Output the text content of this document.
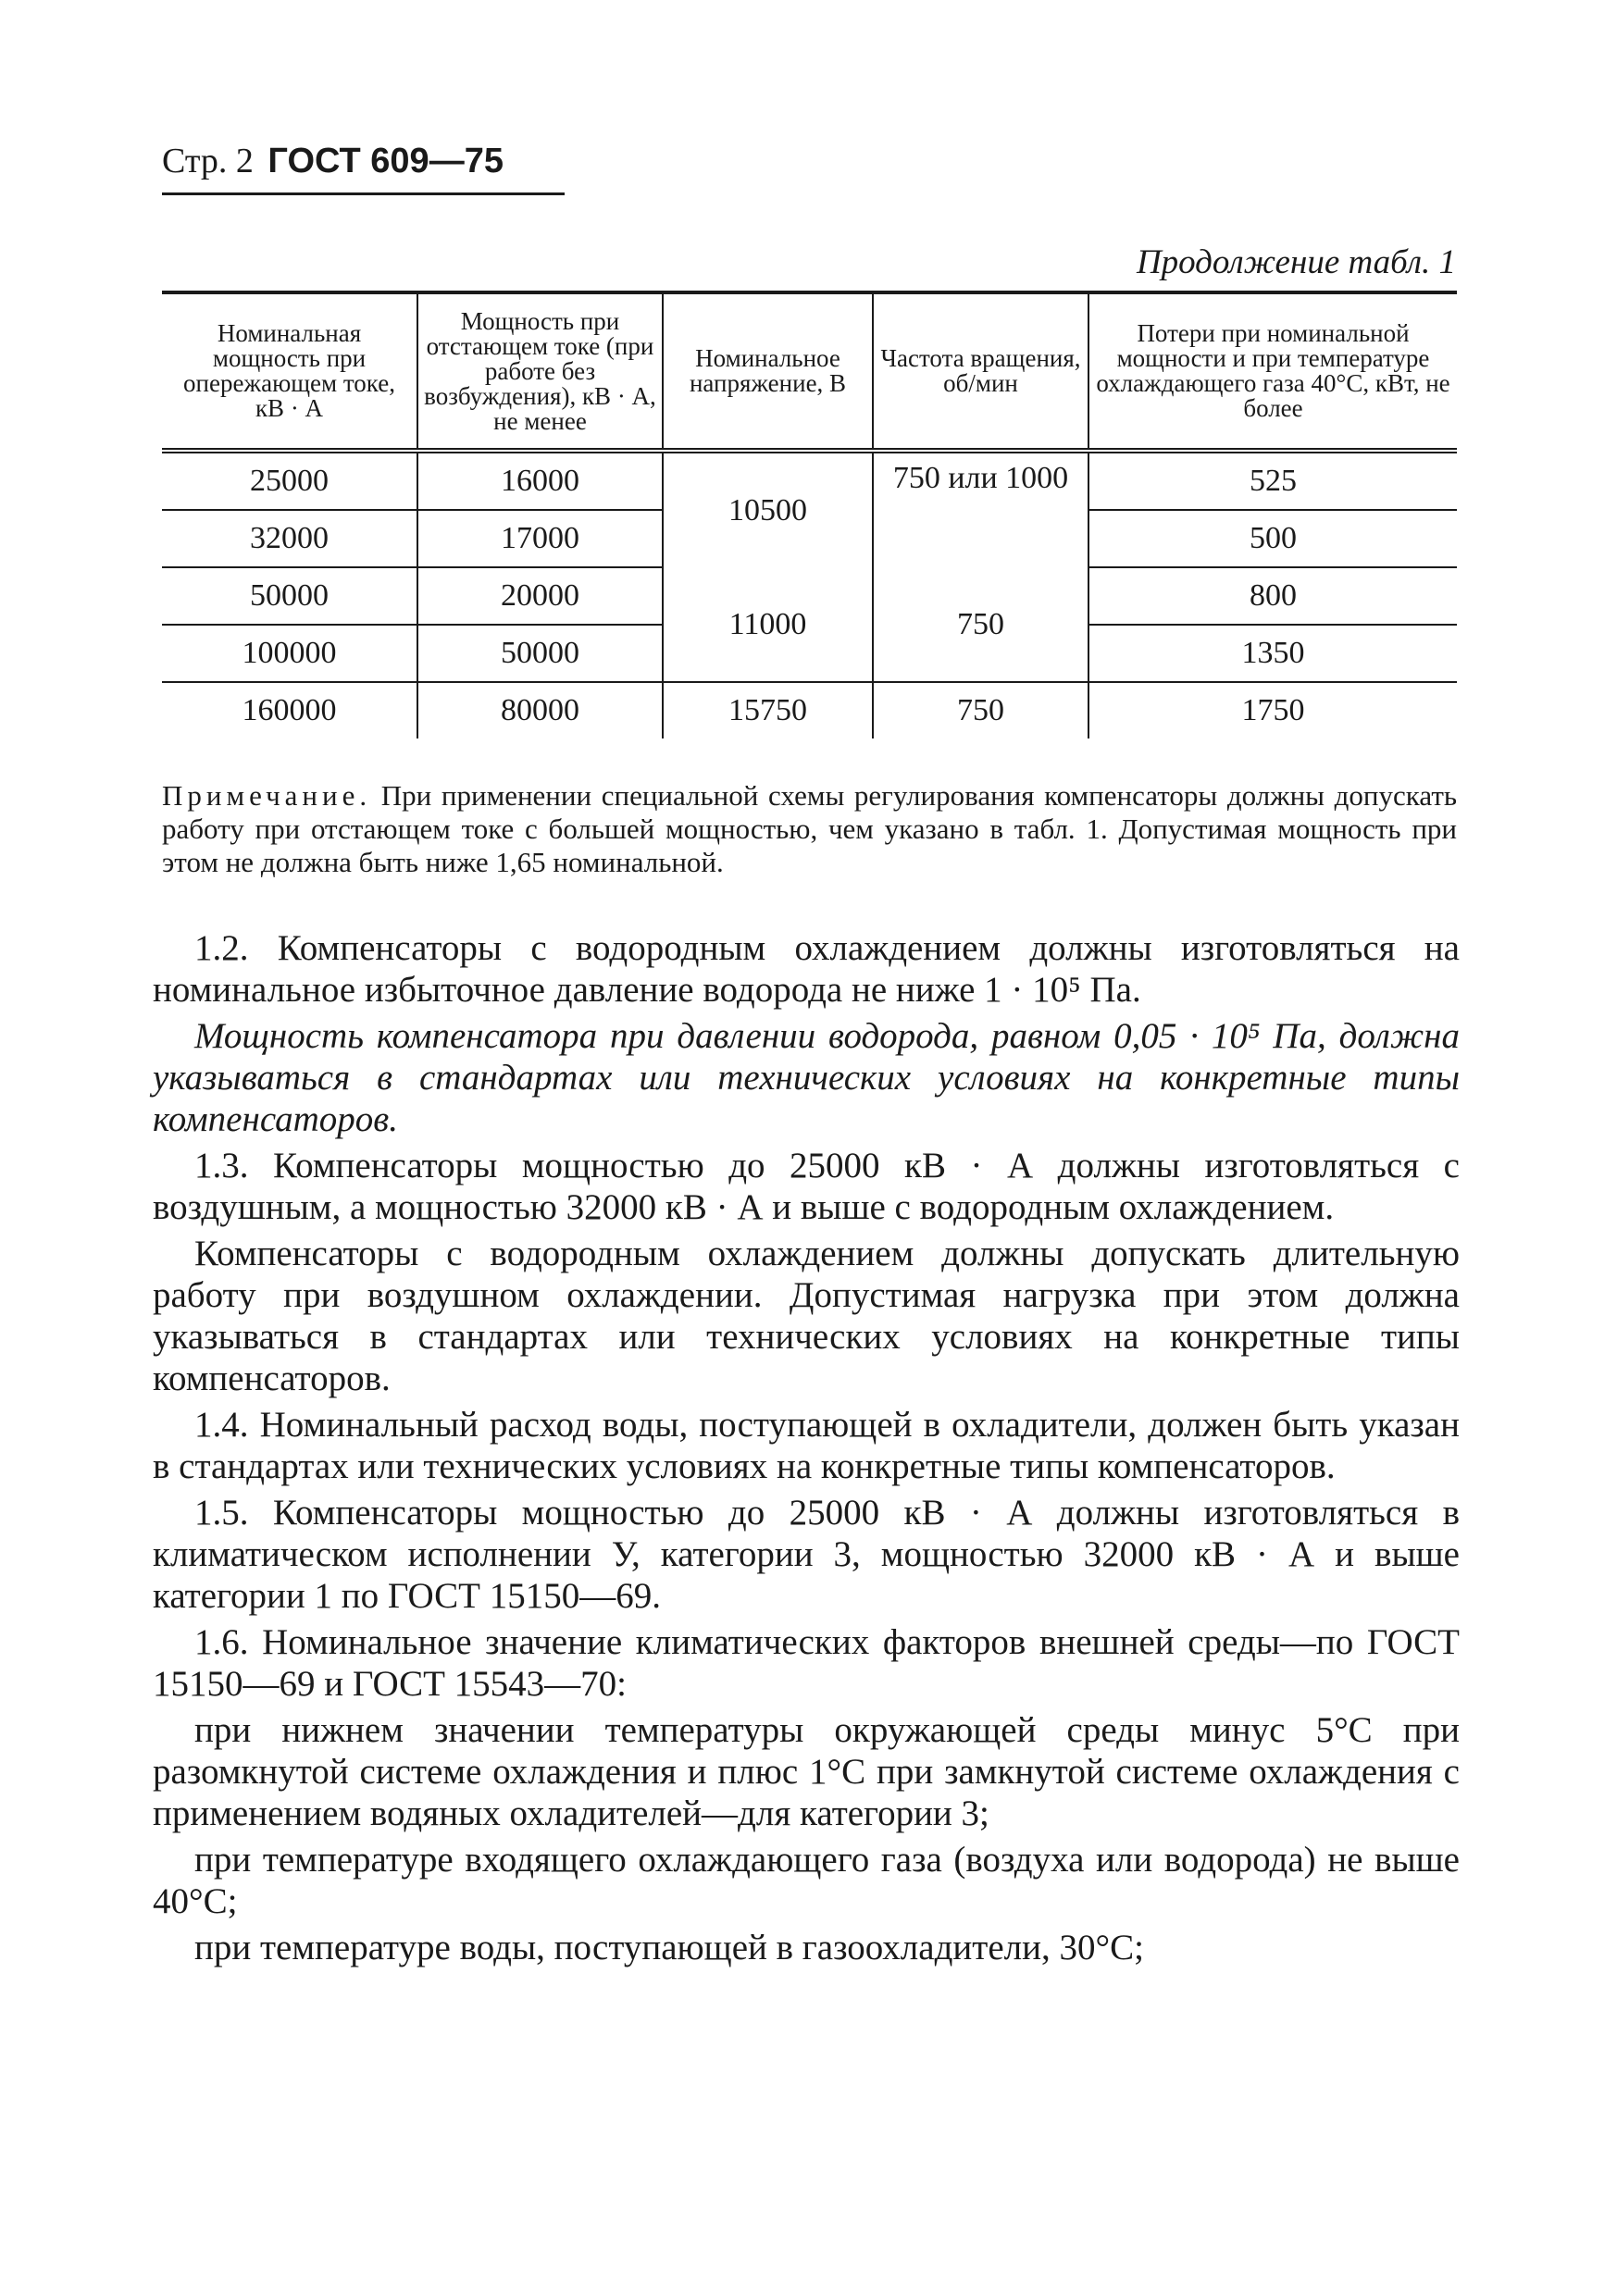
Стр. 2 ГОСТ 609—75
Продолжение табл. 1
Номинальная мощность при опережающем токе, кВ · А	Мощность при отстающем токе (при работе без возбуждения), кВ · А, не менее	Номинальное напряжение, В	Частота вращения, об/мин	Потери при номинальной мощности и при температуре охлаждающего газа 40°С, кВт, не более
25000	16000	10500	750 или 1000	525
32000	17000			500
50000	20000	11000	750	800
100000	50000			1350
160000	80000	15750	750	1750
Примечание. При применении специальной схемы регулирования компенсаторы должны допускать работу при отстающем токе с большей мощностью, чем указано в табл. 1. Допустимая мощность при этом не должна быть ниже 1,65 номинальной.

1.2. Компенсаторы с водородным охлаждением должны изготовляться на номинальное избыточное давление водорода не ниже 1 · 10⁵ Па.

Мощность компенсатора при давлении водорода, равном 0,05 · 10⁵ Па, должна указываться в стандартах или технических условиях на конкретные типы компенсаторов.

1.3. Компенсаторы мощностью до 25000 кВ · А должны изготовляться с воздушным, а мощностью 32000 кВ · А и выше с водородным охлаждением.

Компенсаторы с водородным охлаждением должны допускать длительную работу при воздушном охлаждении. Допустимая нагрузка при этом должна указываться в стандартах или технических условиях на конкретные типы компенсаторов.

1.4. Номинальный расход воды, поступающей в охладители, должен быть указан в стандартах или технических условиях на конкретные типы компенсаторов.

1.5. Компенсаторы мощностью до 25000 кВ · А должны изготовляться в климатическом исполнении У, категории 3, мощностью 32000 кВ · А и выше категории 1 по ГОСТ 15150—69.

1.6. Номинальное значение климатических факторов внешней среды—по ГОСТ 15150—69 и ГОСТ 15543—70:

при нижнем значении температуры окружающей среды минус 5°С при разомкнутой системе охлаждения и плюс 1°С при замкнутой системе охлаждения с применением водяных охладителей—для категории 3;

при температуре входящего охлаждающего газа (воздуха или водорода) не выше 40°С;

при температуре воды, поступающей в газоохладители, 30°С;
